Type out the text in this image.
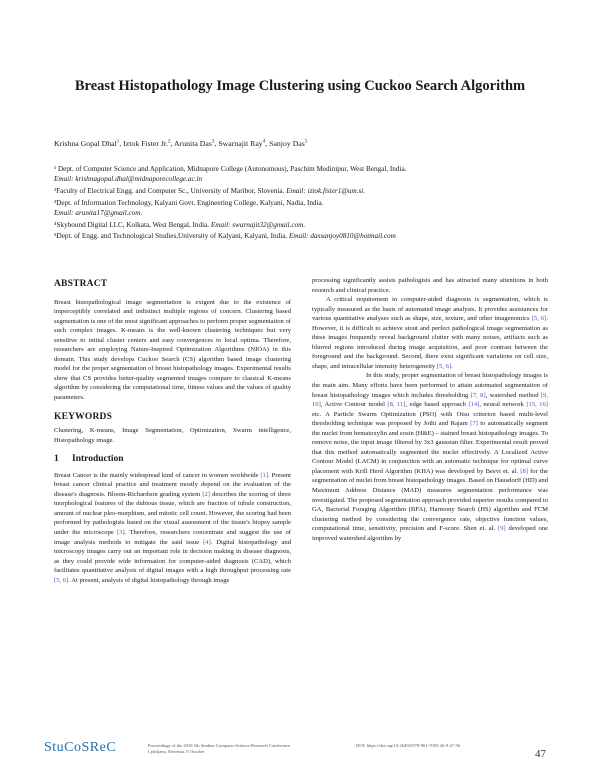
Breast Histopathology Image Clustering using Cuckoo Search Algorithm
Krishna Gopal Dhal$^1$, Iztok Fister Jr.$^2$, Arunita Das$^3$, Swarnajit Ray$^4$, Sanjoy Das$^5$
¹ Dept. of Computer Science and Application, Midnapore College (Autonomous), Paschim Medinipur, West Bengal, India.
Email: krishnagopal.dhal@midnaporecollege.ac.in
²Faculty of Electrical Engg. and Computer Sc., University of Maribor, Slovenia. Email: iztok.fister1@um.si.
³Dept. of Information Technology, Kalyani Govt. Engineering College, Kalyani, Nadia, India.
Email: arunita17@gmail.com.
⁴Skybound Digital LLC, Kolkata, West Bengal, India. Email: swarnajit32@gmail.com.
⁵Dept. of Engg. and Technological Studies,University of Kalyani, Kalyani, India, Email: dassanjoy0810@hotmail.com
ABSTRACT
Breast histopathological image segmentation is exigent due to the existence of imperceptibly correlated and indistinct multiple regions of concern. Clustering based segmentation is one of the most significant approaches to perform proper segmentation of such complex images. K-means is the well-known clustering techniques but very sensitive to initial cluster centers and easy convergences to local optima. Therefore, researchers are employing Nature-Inspired Optimization Algorithms (NIOA) in this domain. This study develops Cuckoo Search (CS) algorithm based image clustering model for the proper segmentation of breast histopathology images. Experimental results show that CS provides better-quality segmented images compare to classical K-means algorithm by considering the computational time, fitness values and the values of quality parameters.
KEYWORDS
Clustering, K-means, Image Segmentation, Optimization, Swarm intelligence, Histopathology image.
1 Introduction
Breast Cancer is the mainly widespread kind of cancer in women worldwide [1]. Present breast cancer clinical practice and treatment mostly depend on the evaluation of the disease's diagnosis. Bloom-Richardson grading system [2] describes the scoring of three morphological features of the dubious tissue, which are fraction of tubule construction, amount of nuclear pleo-morphism, and mitotic cell count. However, the scoring had been performed by pathologists based on the visual assessment of the tissue's biopsy sample under the microscope [3]. Therefore, researchers concentrate and suggest the use of image analysis methods to mitigate the said issue [4]. Digital histopathology and microscopy images carry out an important role in decision making in disease diagnosis, as they could provide wide information for computer-aided diagnosis (CAD), which facilitates quantitative analysis of digital images with a high throughput processing rate [5, 6]. At present, analysis of digital histopathology through image
processing significantly assists pathologists and has attracted many attentions in both research and clinical practice.
A critical requirement in computer-aided diagnosis is segmentation, which is typically measured as the basis of automated image analysis. It provides assistances for various quantitative analyses such as shape, size, texture, and other imagenomics [5, 6]. However, it is difficult to achieve stout and perfect pathological image segmentation as these images frequently reveal background clutter with many noises, artifacts such as blurred regions introduced during image acquisition, and poor contrast between the foreground and the background. Second, there exist significant variations on cell size, shape, and intracellular intensity heterogeneity [5, 6].
In this study, proper segmentation of breast histopathology images is the main aim. Many efforts have been performed to attain automated segmentation of breast histopathology images which includes thresholding [7, 8], watershed method [9, 10], Active Contour model [8, 11], edge based approach [14], neural network [15, 16] etc. A Particle Swarm Optimization (PSO) with Otsu criterion based multi-level thresholding technique was proposed by Jothi and Rajam [7] to automatically segment the nuclei from hematoxylin and eosin (H&E) – stained breast histopathology images. To remove noise, the input image filtered by 3x3 gaussian filter. Experimental result proved that this method automatically segmented the nuclei effectively. A Localized Active Contour Model (LACM) in conjunction with an automatic technique for optimal curve placement with Krill Herd Algorithm (KHA) was developed by Beevi et. al. [8] for the segmentation of nuclei from breast histopathology images. Based on Hausdorff (HD) and Maximum Address Distance (MAD) measures segmentation performance was investigated. The proposed segmentation approach provided superior results compared to GA, Bacterial Foraging Algorithm (BFA), Harmony Search (HS) algorithm and FCM clustering method by considering the convergence rate, objective function values, computational time, sensitivity, precision and F-score. Shen et. al. [9] developed one improved watershed algorithm by
StuCoSReC	Proceedings of the 2018 5th Student Computer Science Research Conference
Ljubljana, Slovenia, 9 October
DOI: https://doi.org/10.26493/978-961-7055-26-9.47-56
47
